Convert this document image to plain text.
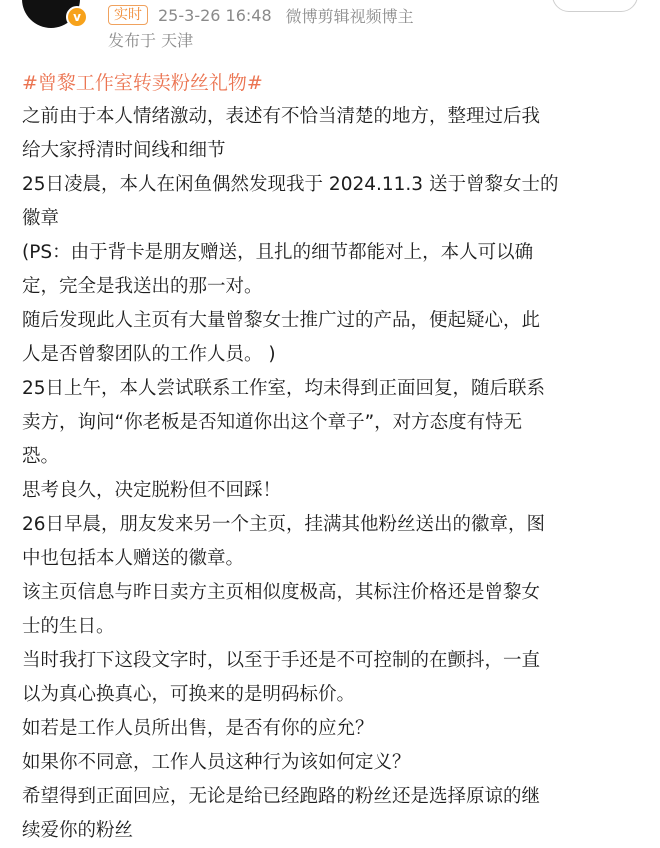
v	实时	25-3-26 16:48 微博剪辑视频博主
发布于 天津
#曾黎工作室转卖粉丝礼物#
之前由于本人情绪激动，表述有不恰当清楚的地方，整理过后我
给大家捋清时间线和细节
25日凌晨，本人在闲鱼偶然发现我于 2024.11.3 送于曾黎女士的
徽章
(PS：由于背卡是朋友赠送，且扎的细节都能对上，本人可以确
定，完全是我送出的那一对。
随后发现此人主页有大量曾黎女士推广过的产品，便起疑心，此
人是否曾黎团队的工作人员。 )
25日上午，本人尝试联系工作室，均未得到正面回复，随后联系
卖方，询问“你老板是否知道你出这个章子”，对方态度有恃无
恐。
思考良久，决定脱粉但不回踩！
26日早晨，朋友发来另一个主页，挂满其他粉丝送出的徽章，图
中也包括本人赠送的徽章。
该主页信息与昨日卖方主页相似度极高，其标注价格还是曾黎女
士的生日。
当时我打下这段文字时，以至于手还是不可控制的在颤抖，一直
以为真心换真心，可换来的是明码标价。
如若是工作人员所出售，是否有你的应允？
如果你不同意，工作人员这种行为该如何定义？
希望得到正面回应，无论是给已经跑路的粉丝还是选择原谅的继
续爱你的粉丝
